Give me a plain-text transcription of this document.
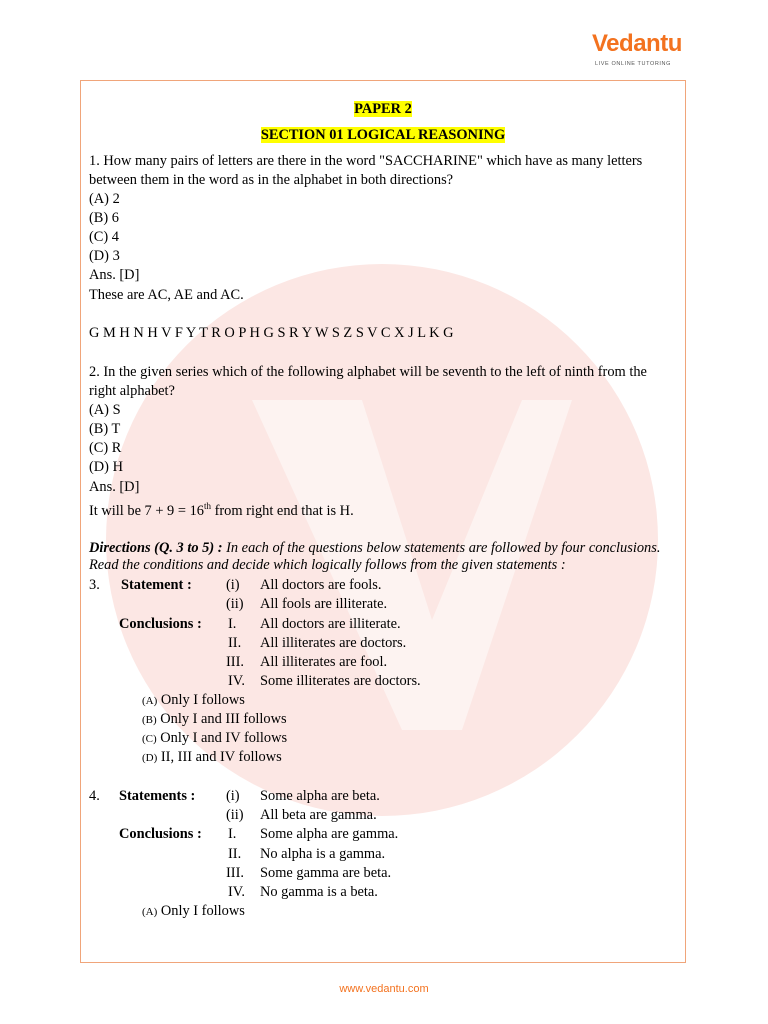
Vedantu
LIVE ONLINE TUTORING
PAPER 2
SECTION 01 LOGICAL REASONING
1. How many pairs of letters are there in the word "SACCHARINE" which have as many letters
between them in the word as in the alphabet in both directions?
(A) 2
(B) 6
(C) 4
(D) 3
Ans. [D]
These are AC, AE and AC.
G M H N H V F Y T R O P H G S R Y W S Z S V C X J L K G
2. In the given series which of the following alphabet will be seventh to the left of ninth from the
right alphabet?
(A) S
(B) T
(C) R
(D) H
Ans. [D]
It will be 7 + 9 = 16th from right end that is H.
Directions (Q. 3 to 5) : In each of the questions below statements are followed by four conclusions.
Read the conditions and decide which logically follows from the given statements :
3. Statement : (i) All doctors are fools.
(ii) All fools are illiterate.
Conclusions : I. All doctors are illiterate.
II. All illiterates are doctors.
III. All illiterates are fool.
IV. Some illiterates are doctors.
(A) Only I follows
(B) Only I and III follows
(C) Only I and IV follows
(D) II, III and IV follows
4. Statements : (i) Some alpha are beta.
(ii) All beta are gamma.
Conclusions : I. Some alpha are gamma.
II. No alpha is a gamma.
III. Some gamma are beta.
IV. No gamma is a beta.
(A) Only I follows
www.vedantu.com
